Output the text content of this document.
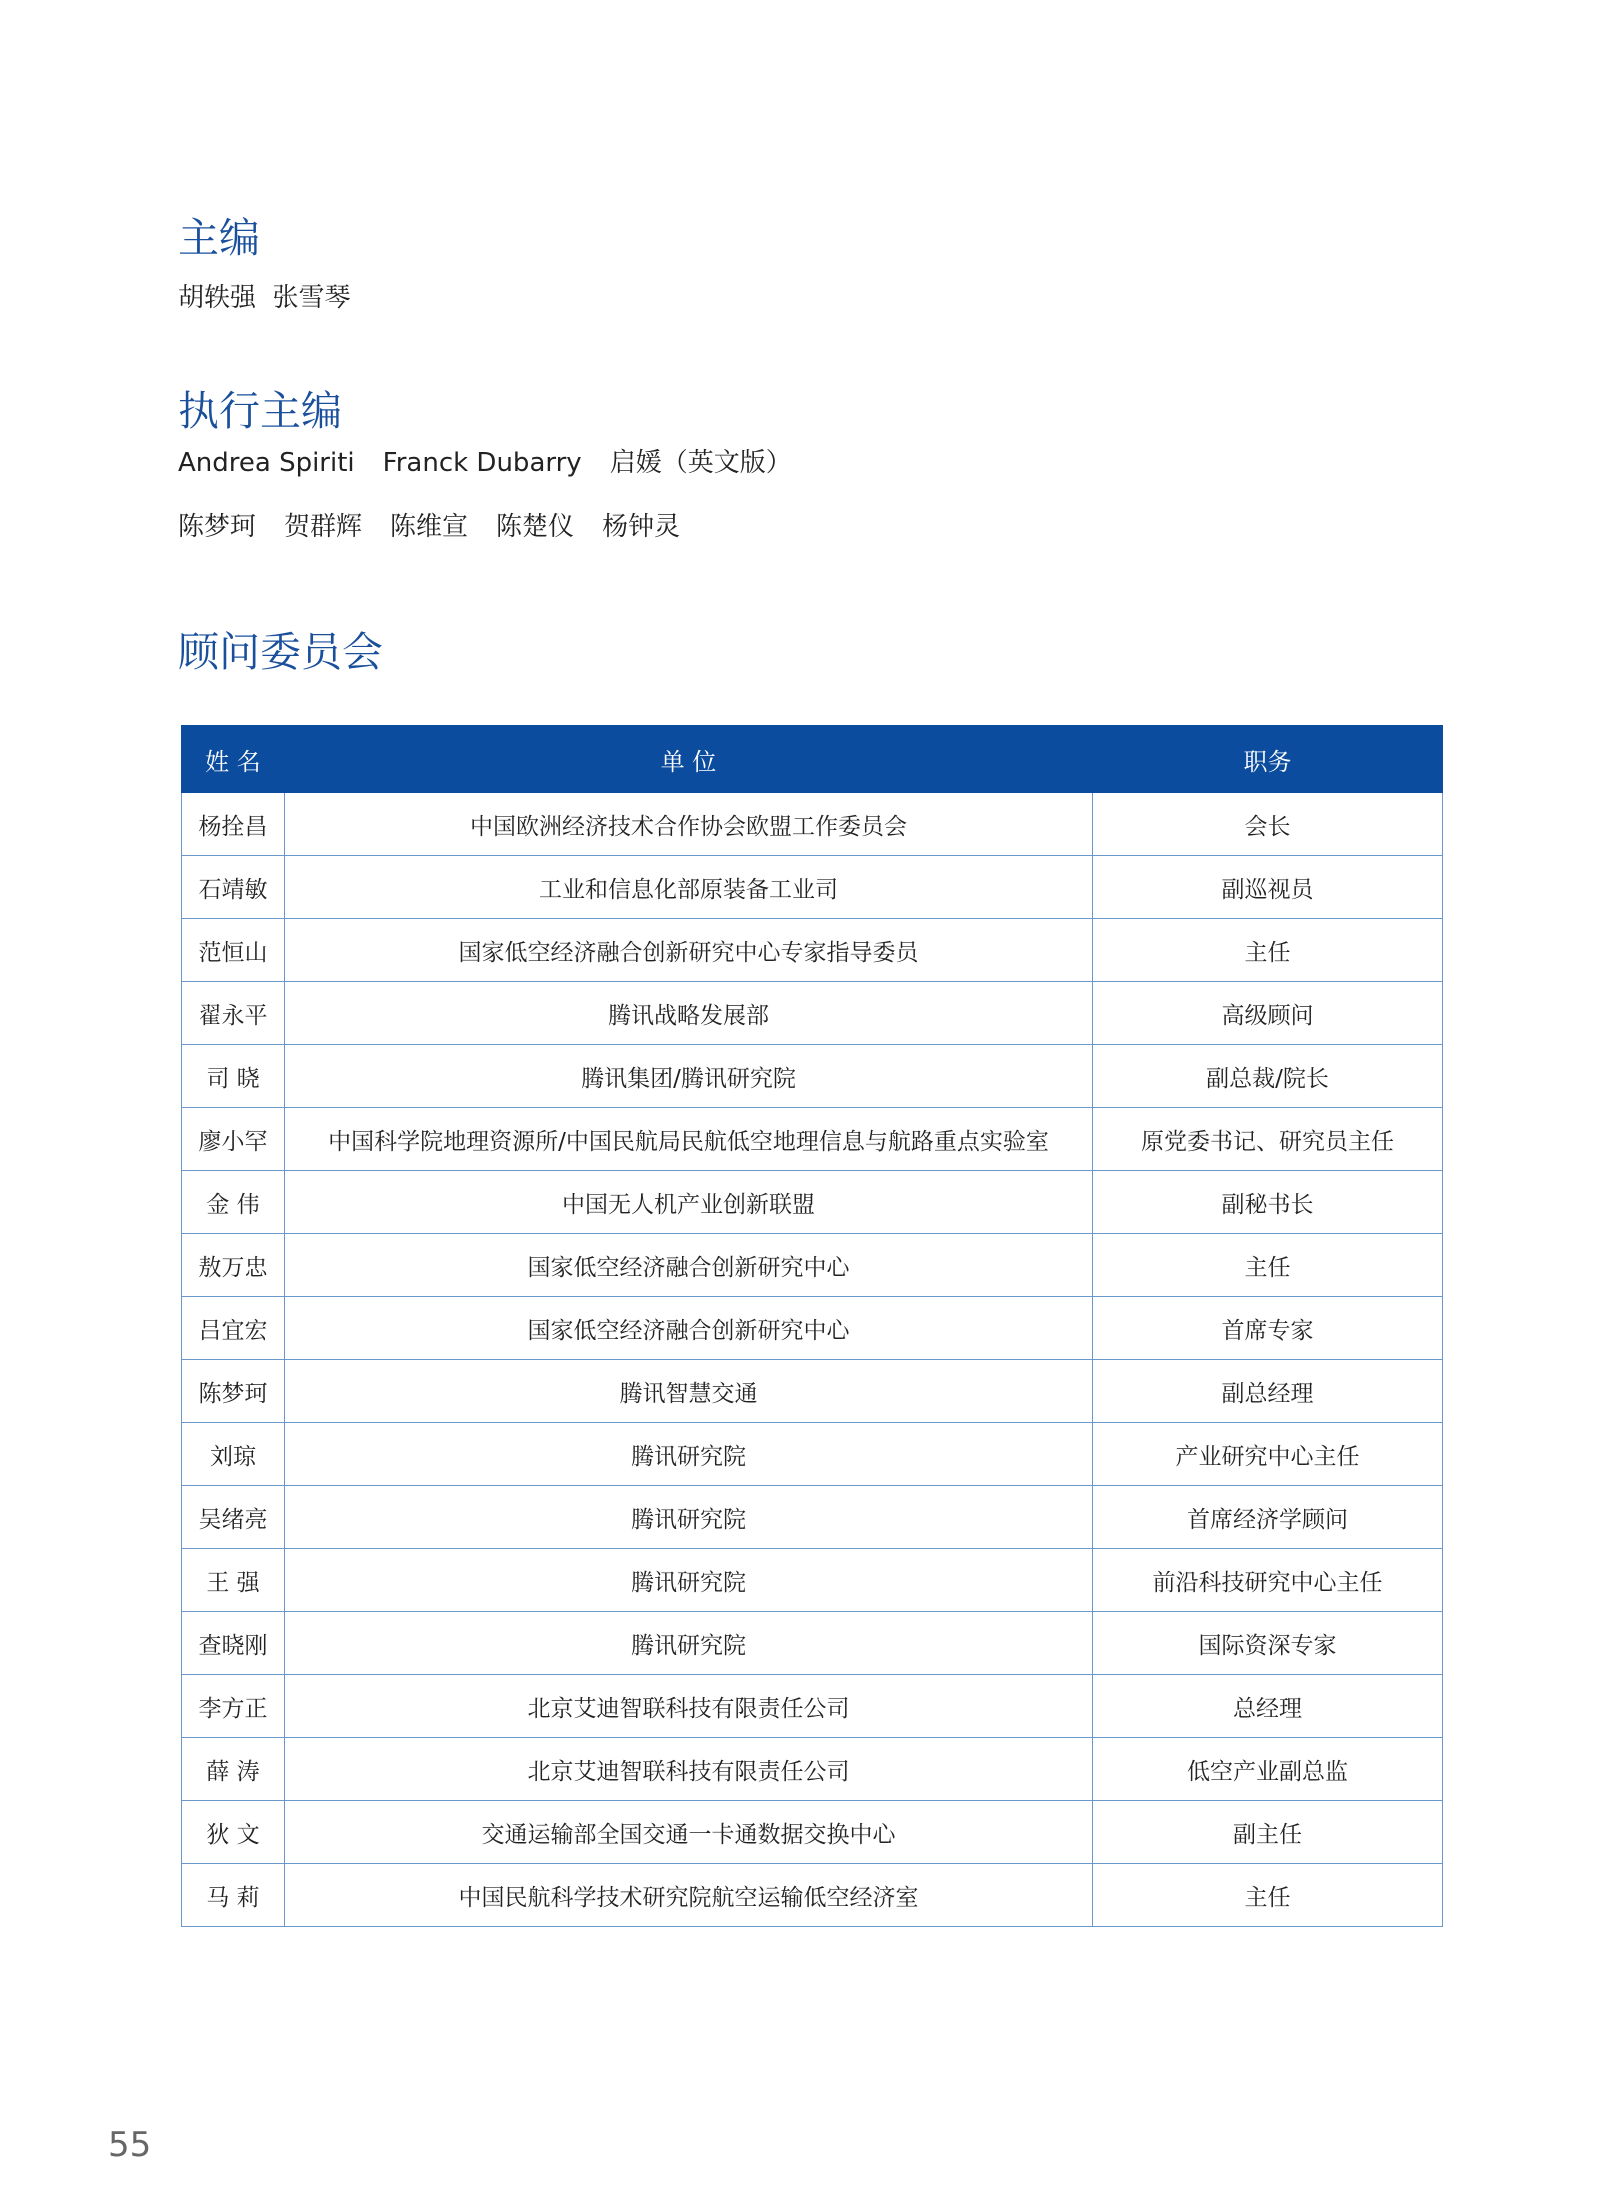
主编

胡轶强  张雪琴

执行主编

Andrea Spiriti Franck Dubarry 启媛（英文版）

陈梦珂 贺群辉 陈维宣 陈楚仪 杨钟灵

顾问委员会
姓 名	单 位	职务
杨拴昌	中国欧洲经济技术合作协会欧盟工作委员会	会长
石靖敏	工业和信息化部原装备工业司	副巡视员
范恒山	国家低空经济融合创新研究中心专家指导委员	主任
翟永平	腾讯战略发展部	高级顾问
司 晓	腾讯集团/腾讯研究院	副总裁/院长
廖小罕	中国科学院地理资源所/中国民航局民航低空地理信息与航路重点实验室	原党委书记、研究员主任
金 伟	中国无人机产业创新联盟	副秘书长
敖万忠	国家低空经济融合创新研究中心	主任
吕宜宏	国家低空经济融合创新研究中心	首席专家
陈梦珂	腾讯智慧交通	副总经理
刘琼	腾讯研究院	产业研究中心主任
吴绪亮	腾讯研究院	首席经济学顾问
王 强	腾讯研究院	前沿科技研究中心主任
查晓刚	腾讯研究院	国际资深专家
李方正	北京艾迪智联科技有限责任公司	总经理
薛 涛	北京艾迪智联科技有限责任公司	低空产业副总监
狄 文	交通运输部全国交通一卡通数据交换中心	副主任
马 莉	中国民航科学技术研究院航空运输低空经济室	主任
55
